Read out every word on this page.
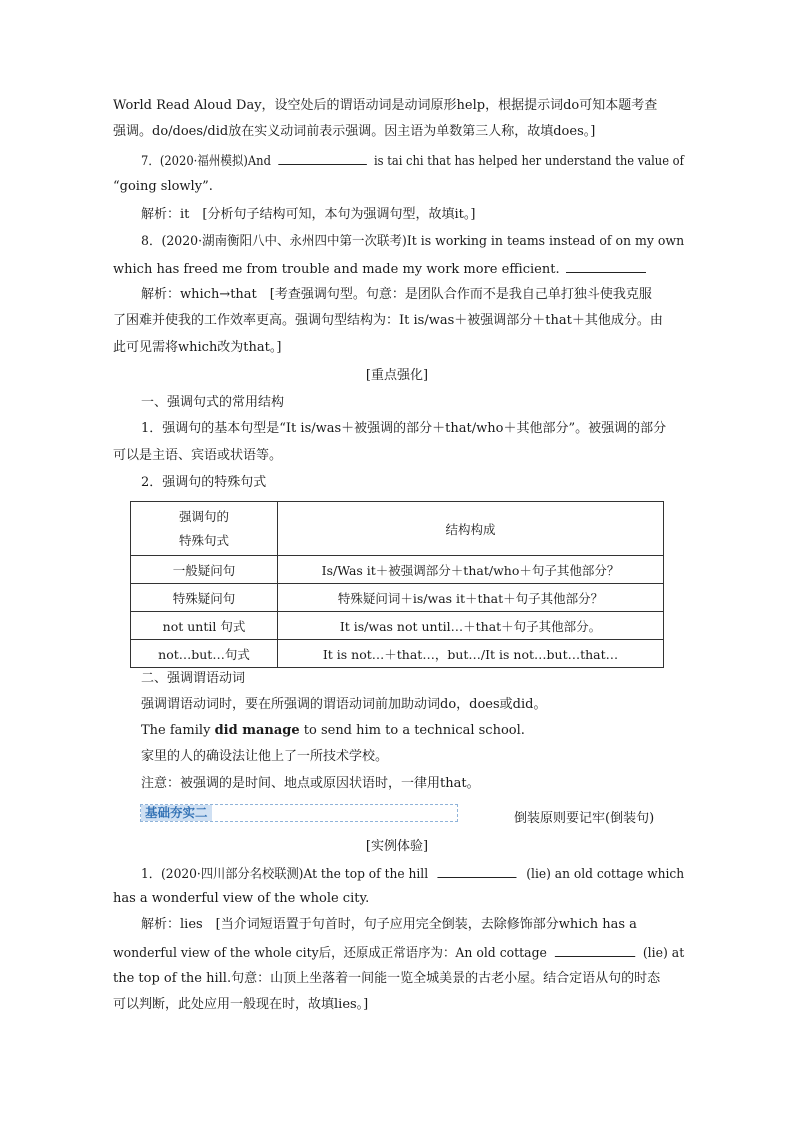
World Read Aloud Day，设空处后的谓语动词是动词原形help，根据提示词do可知本题考查
强调。do/does/did放在实义动词前表示强调。因主语为单数第三人称，故填does。]
7．(2020·福州模拟)And	is tai chi that has helped her understand the value of
“going slowly”.
解析：it　[分析句子结构可知，本句为强调句型，故填it。]
8．(2020·湖南衡阳八中、永州四中第一次联考)It is working in teams instead of on my own
which has freed me from trouble and made my work more efficient.
解析：which→that　[考查强调句型。句意：是团队合作而不是我自己单打独斗使我克服
了困难并使我的工作效率更高。强调句型结构为：It is/was＋被强调部分＋that＋其他成分。由
此可见需将which改为that。]
[重点强化]
一、强调句式的常用结构
1．强调句的基本句型是“It is/was＋被强调的部分＋that/who＋其他部分”。被强调的部分
可以是主语、宾语或状语等。
2．强调句的特殊句式
强调句的
特殊句式	结构构成
一般疑问句	Is/Was it＋被强调部分＋that/who＋句子其他部分？
特殊疑问句	特殊疑问词＋is/was it＋that＋句子其他部分？
not until 句式	It is/was not until…＋that＋句子其他部分。
not…but…句式	It is not…＋that…，but…/It is not…but…that…
二、强调谓语动词
强调谓语动词时，要在所强调的谓语动词前加助动词do，does或did。
The family did manage to send him to a technical school.
家里的人的确设法让他上了一所技术学校。
注意：被强调的是时间、地点或原因状语时，一律用that。
基础夯实二	倒装原则要记牢(倒装句)
[实例体验]
1．(2020·四川部分名校联测)At the top of the hill	(lie) an old cottage which
has a wonderful view of the whole city.
解析：lies　[当介词短语置于句首时，句子应用完全倒装，去除修饰部分which has a
wonderful view of the whole city后，还原成正常语序为：An old cottage	(lie) at
the top of the hill.句意：山顶上坐落着一间能一览全城美景的古老小屋。结合定语从句的时态
可以判断，此处应用一般现在时，故填lies。]
